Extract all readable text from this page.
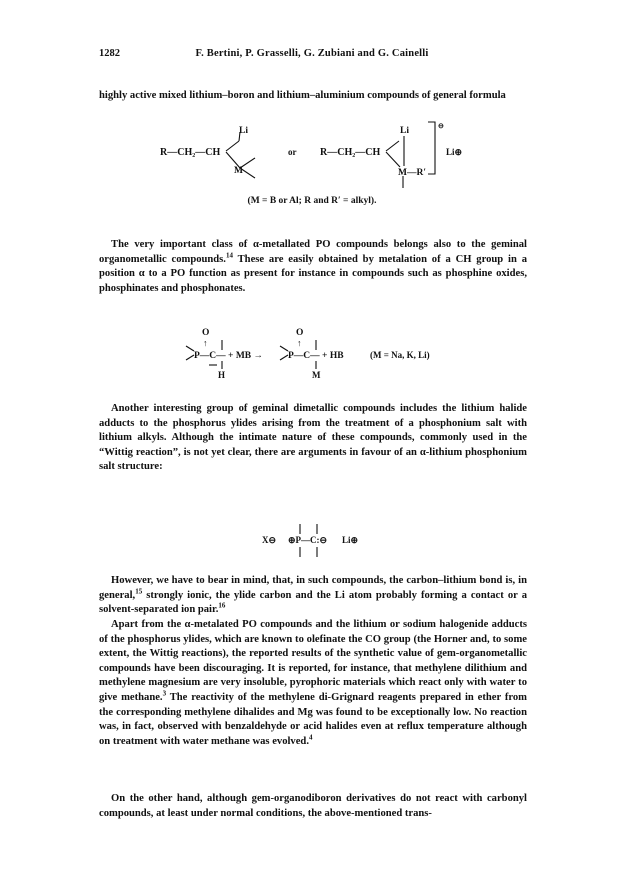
1282	F. Bertini, P. Grasselli, G. Zubiani and G. Cainelli

highly active mixed lithium–boron and lithium–aluminium compounds of general formula

R—CH₂—CH
Li
M
or R—CH₂—CH
Li
M—R′
⊖
Li⊕
(M = B or Al; R and R′ = alkyl).

The very important class of α-metallated PO compounds belongs also to the geminal organometallic compounds.$^{14}$ These are easily obtained by metalation of a CH group in a position α to a PO function as present for instance in compounds such as phosphine oxides, phosphinates and phosphonates.

O
↑
P—C— + MB →
H
O
↑
P—C— + HB
M
(M = Na, K, Li)

Another interesting group of geminal dimetallic compounds includes the lithium halide adducts to the phosphorus ylides arising from the treatment of a phosphonium salt with lithium alkyls. Although the intimate nature of these compounds, commonly used in the “Wittig reaction”, is not yet clear, there are arguments in favour of an α-lithium phosphonium salt structure:

X⊖ ⊕P—C:⊖ Li⊕

However, we have to bear in mind, that, in such compounds, the carbon–lithium bond is, in general,$^{15}$ strongly ionic, the ylide carbon and the Li atom probably forming a contact or a solvent-separated ion pair.$^{16}$

Apart from the α-metalated PO compounds and the lithium or sodium halogenide adducts of the phosphorus ylides, which are known to olefinate the CO group (the Horner and, to some extent, the Wittig reactions), the reported results of the synthetic value of gem-organometallic compounds have been discouraging. It is reported, for instance, that methylene dilithium and methylene magnesium are very insoluble, pyrophoric materials which react only with water to give methane.$^3$ The reactivity of the methylene di-Grignard reagents prepared in ether from the corresponding methylene dihalides and Mg was found to be exceptionally low. No reaction was, in fact, observed with benzaldehyde or acid halides even at reflux temperature although on treatment with water methane was evolved.$^4$

On the other hand, although gem-organodiboron derivatives do not react with carbonyl compounds, at least under normal conditions, the above-mentioned trans-
